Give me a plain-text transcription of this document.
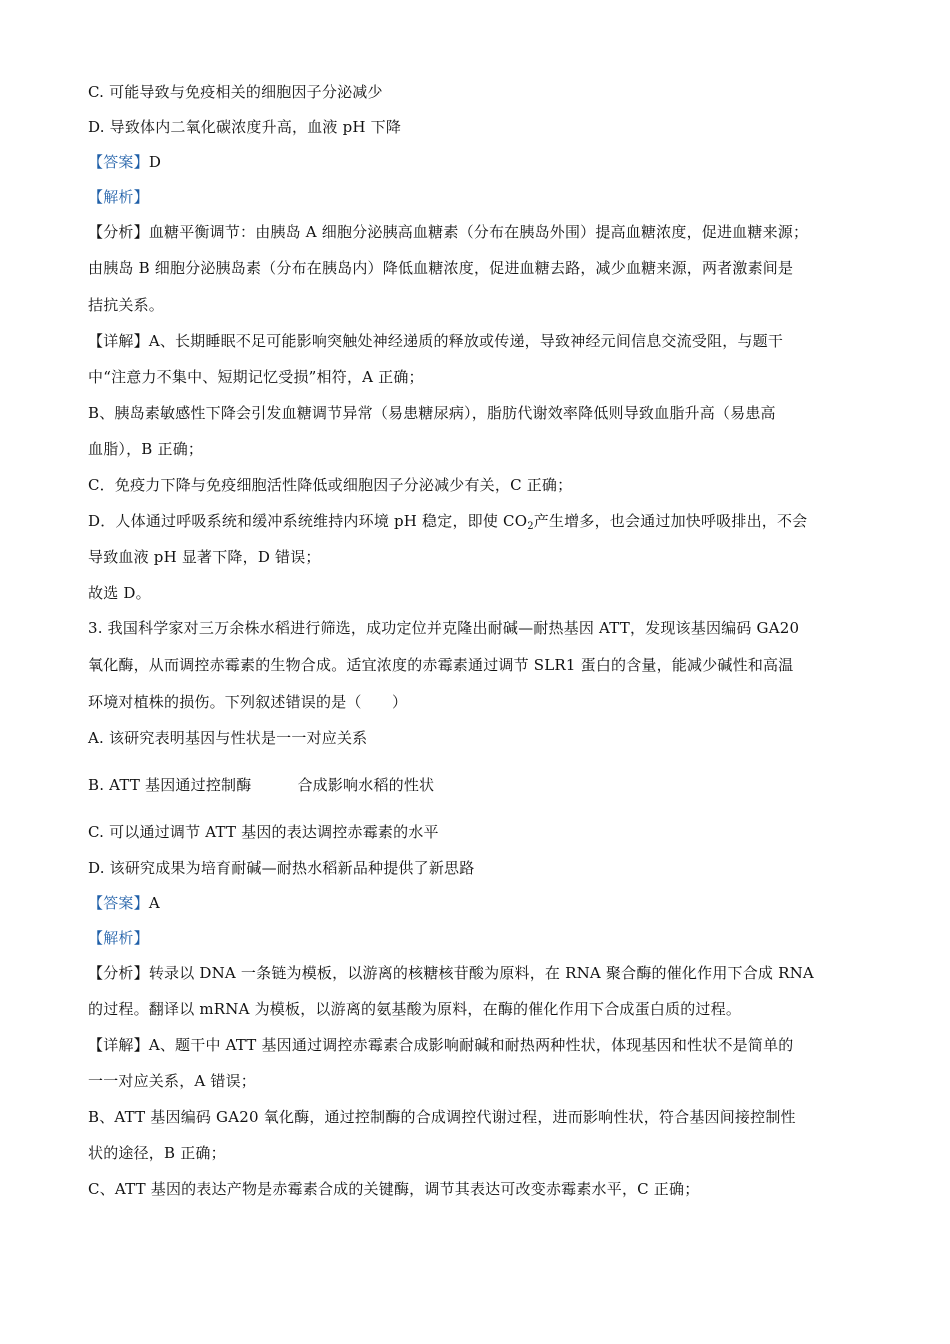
C. 可能导致与免疫相关的细胞因子分泌减少
D. 导致体内二氧化碳浓度升高，血液 pH 下降
【答案】D
【解析】
【分析】血糖平衡调节：由胰岛 A 细胞分泌胰高血糖素（分布在胰岛外围）提高血糖浓度，促进血糖来源；
由胰岛 B 细胞分泌胰岛素（分布在胰岛内）降低血糖浓度，促进血糖去路，减少血糖来源，两者激素间是
拮抗关系。
【详解】A、长期睡眠不足可能影响突触处神经递质的释放或传递，导致神经元间信息交流受阻，与题干
中“注意力不集中、短期记忆受损”相符，A 正确；
B、胰岛素敏感性下降会引发血糖调节异常（易患糖尿病），脂肪代谢效率降低则导致血脂升高（易患高
血脂），B 正确；
C．免疫力下降与免疫细胞活性降低或细胞因子分泌减少有关，C 正确；
D．人体通过呼吸系统和缓冲系统维持内环境 pH 稳定，即使 $CO_2$产生增多，也会通过加快呼吸排出，不会
导致血液 pH 显著下降，D 错误；
故选 D。
3. 我国科学家对三万余株水稻进行筛选，成功定位并克隆出耐碱—耐热基因 ATT，发现该基因编码 GA20
氧化酶，从而调控赤霉素的生物合成。适宜浓度的赤霉素通过调节 SLR1 蛋白的含量，能减少碱性和高温
环境对植株的损伤。下列叙述错误的是（　　）
A. 该研究表明基因与性状是一一对应关系
B. ATT 基因通过控制酶	合成影响水稻的性状
C. 可以通过调节 ATT 基因的表达调控赤霉素的水平
D. 该研究成果为培育耐碱—耐热水稻新品种提供了新思路
【答案】A
【解析】
【分析】转录以 DNA 一条链为模板，以游离的核糖核苷酸为原料，在 RNA 聚合酶的催化作用下合成 RNA
的过程。翻译以 mRNA 为模板，以游离的氨基酸为原料，在酶的催化作用下合成蛋白质的过程。
【详解】A、题干中 ATT 基因通过调控赤霉素合成影响耐碱和耐热两种性状，体现基因和性状不是简单的
一一对应关系，A 错误；
B、ATT 基因编码 GA20 氧化酶，通过控制酶的合成调控代谢过程，进而影响性状，符合基因间接控制性
状的途径，B 正确；
C、ATT 基因的表达产物是赤霉素合成的关键酶，调节其表达可改变赤霉素水平，C 正确；
